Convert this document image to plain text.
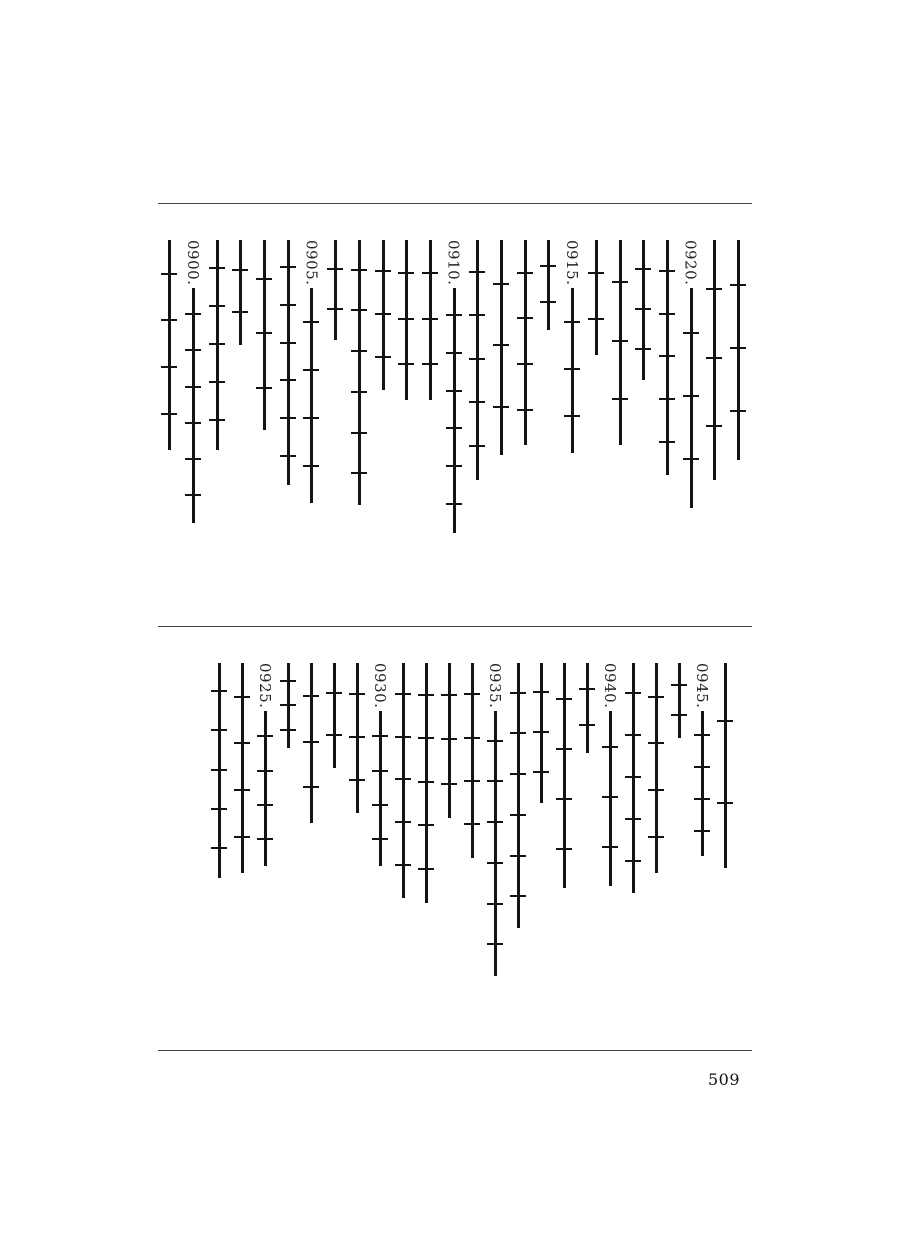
0920.
0915.
0910.
0905.
0900.
0945.
0940.
0935.
0930.
0925.
509
